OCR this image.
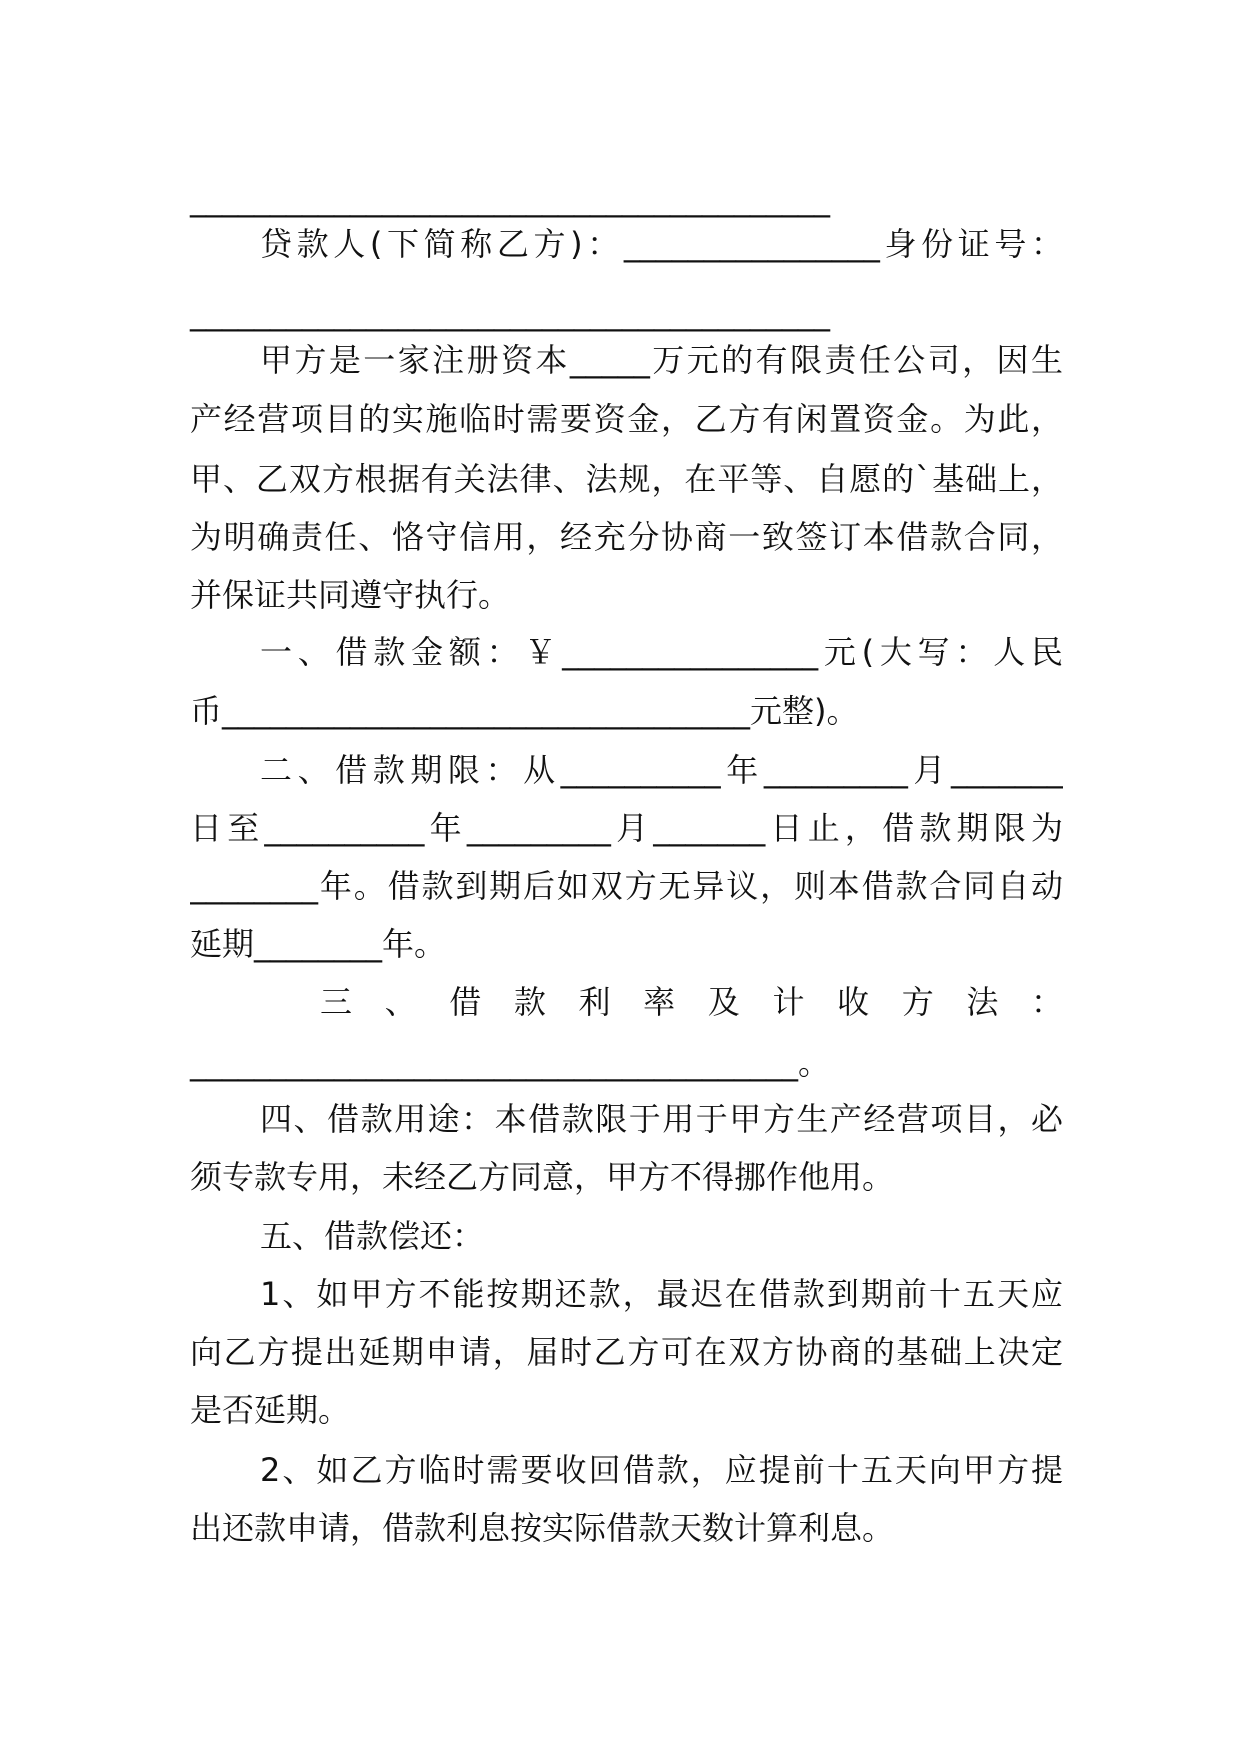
________________________________________
贷款人(下简称乙方)：________________身份证号：
________________________________________
甲方是一家注册资本_____万元的有限责任公司，因生
产经营项目的实施临时需要资金，乙方有闲置资金。为此，
甲、乙双方根据有关法律、法规，在平等、自愿的`基础上，
为明确责任、恪守信用，经充分协商一致签订本借款合同，
并保证共同遵守执行。
一、借款金额：￥________________元(大写：人民
币_________________________________元整)。
二、借款期限：从__________年_________月_______
日至__________年_________月_______日止，借款期限为
________年。借款到期后如双方无异议，则本借款合同自动
延期________年。
三、借款利率及计收方法：
______________________________________。
四、借款用途：本借款限于用于甲方生产经营项目，必
须专款专用，未经乙方同意，甲方不得挪作他用。
五、借款偿还：
1、如甲方不能按期还款，最迟在借款到期前十五天应
向乙方提出延期申请，届时乙方可在双方协商的基础上决定
是否延期。
2、如乙方临时需要收回借款，应提前十五天向甲方提
出还款申请，借款利息按实际借款天数计算利息。
